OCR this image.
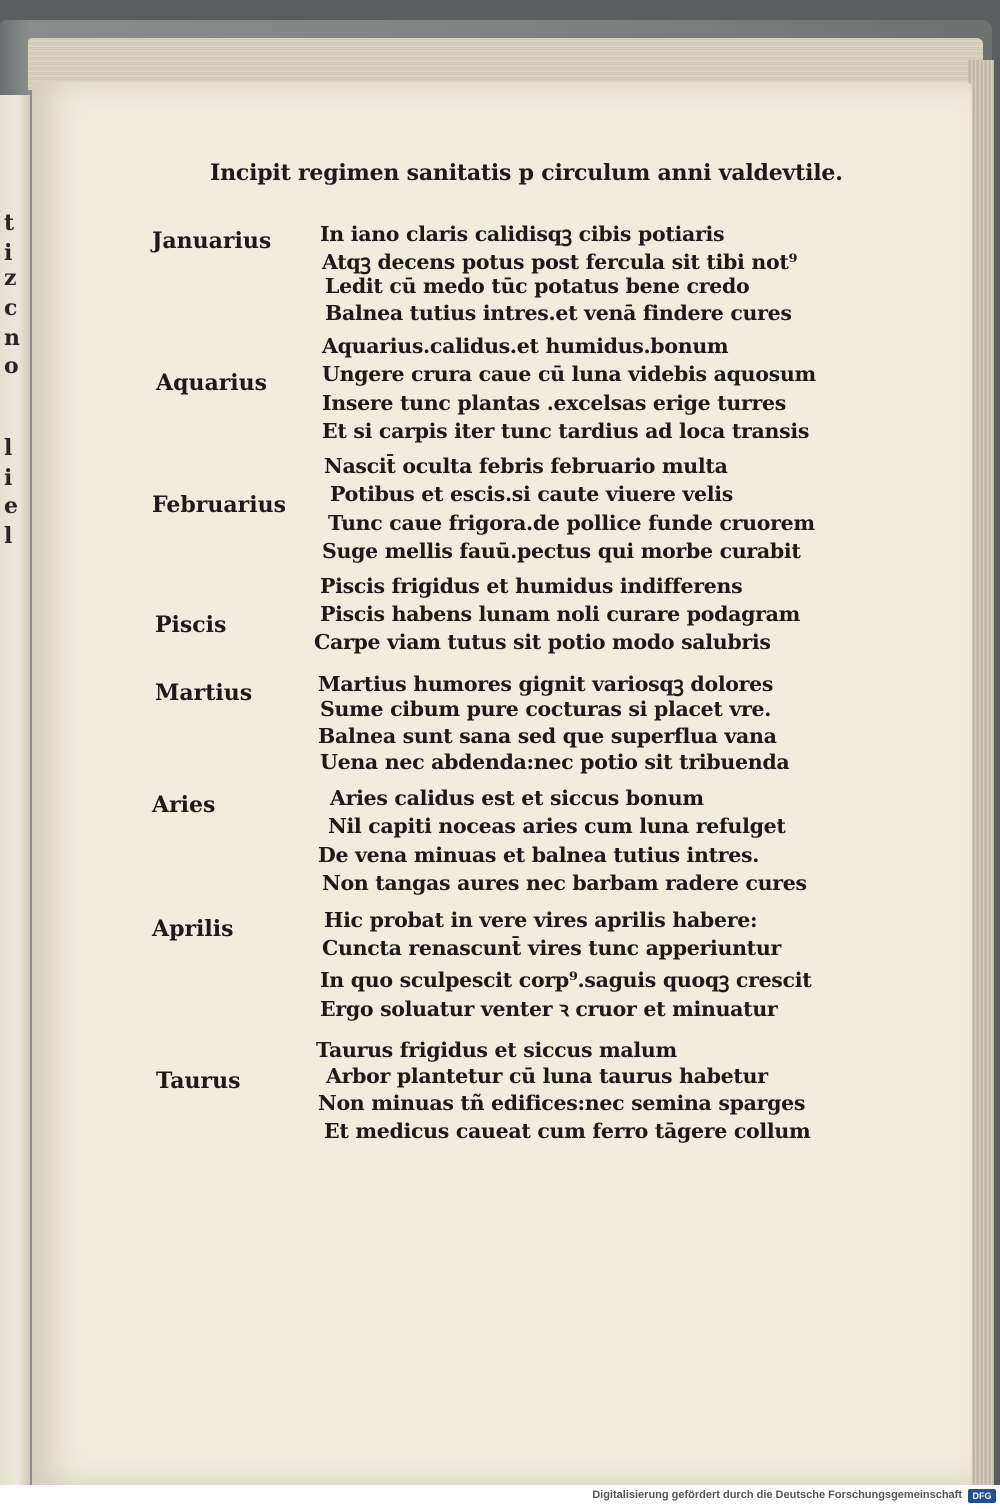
t
i
z
c
n
o
l
i
e
l
Incipit regimen sanitatis p circulum anni valdevtile.
Januarius In iano claris calidisqꝫ cibis potiaris
Atqꝫ decens potus post fercula sit tibi not⁹
Ledit cū medo tūc potatus bene credo
Balnea tutius intres.et venā findere cures
Aquarius
Aquarius.calidus.et humidus.bonum
Ungere crura caue cū luna videbis aquosum
Insere tunc plantas .excelsas erige turres
Et si carpis iter tunc tardius ad loca transis
Februarius
Nascit̄ oculta febris februario multa
Potibus et escis.si caute viuere velis
Tunc caue frigora.de pollice funde cruorem
Suge mellis fauū.pectus qui morbe curabit
Piscis
Piscis frigidus et humidus indifferens
Piscis habens lunam noli curare podagram
Carpe viam tutus sit potio modo salubris
Martius	Martius humores gignit variosqꝫ dolores
Sume cibum pure cocturas si placet vre.
Balnea sunt sana sed que superflua vana
Uena nec abdenda:nec potio sit tribuenda
Aries	Aries calidus est et siccus bonum
Nil capiti noceas aries cum luna refulget
De vena minuas et balnea tutius intres.
Non tangas aures nec barbam radere cures
Aprilis	Hic probat in vere vires aprilis habere:
Cuncta renascunt̄ vires tunc apperiuntur
In quo sculpescit corp⁹.saguis quoqꝫ crescit
Ergo soluatur venter ꝛ cruor et minuatur
Taurus
Taurus frigidus et siccus malum
Arbor plantetur cū luna taurus habetur
Non minuas tñ edifices:nec semina sparges
Et medicus caueat cum ferro tāgere collum
Digitalisierung gefördert durch die Deutsche Forschungsgemeinschaft	DFG
